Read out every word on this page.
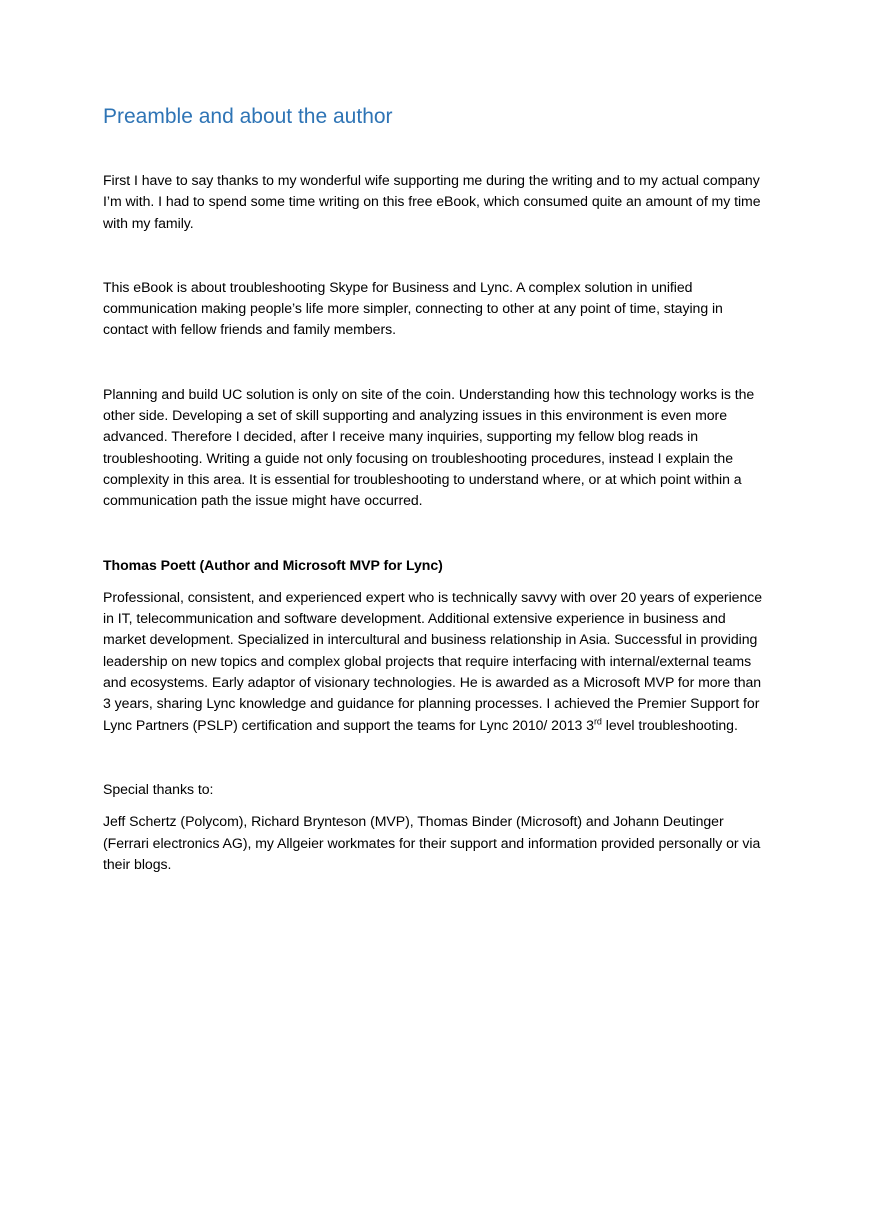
Preamble and about the author

First I have to say thanks to my wonderful wife supporting me during the writing and to my actual company I’m with. I had to spend some time writing on this free eBook, which consumed quite an amount of my time with my family.

This eBook is about troubleshooting Skype for Business and Lync. A complex solution in unified communication making people’s life more simpler, connecting to other at any point of time, staying in contact with fellow friends and family members.

Planning and build UC solution is only on site of the coin. Understanding how this technology works is the other side. Developing a set of skill supporting and analyzing issues in this environment is even more advanced. Therefore I decided, after I receive many inquiries, supporting my fellow blog reads in troubleshooting. Writing a guide not only focusing on troubleshooting procedures, instead I explain the complexity in this area. It is essential for troubleshooting to understand where, or at which point within a communication path the issue might have occurred.

Thomas Poett (Author and Microsoft MVP for Lync)

Professional, consistent, and experienced expert who is technically savvy with over 20 years of experience in IT, telecommunication and software development. Additional extensive experience in business and market development. Specialized in intercultural and business relationship in Asia. Successful in providing leadership on new topics and complex global projects that require interfacing with internal/external teams and ecosystems. Early adaptor of visionary technologies. He is awarded as a Microsoft MVP for more than 3 years, sharing Lync knowledge and guidance for planning processes. I achieved the Premier Support for Lync Partners (PSLP) certification and support the teams for Lync 2010/ 2013 3rd level troubleshooting.

Special thanks to:

Jeff Schertz (Polycom), Richard Brynteson (MVP), Thomas Binder (Microsoft) and Johann Deutinger (Ferrari electronics AG), my Allgeier workmates for their support and information provided personally or via their blogs.
